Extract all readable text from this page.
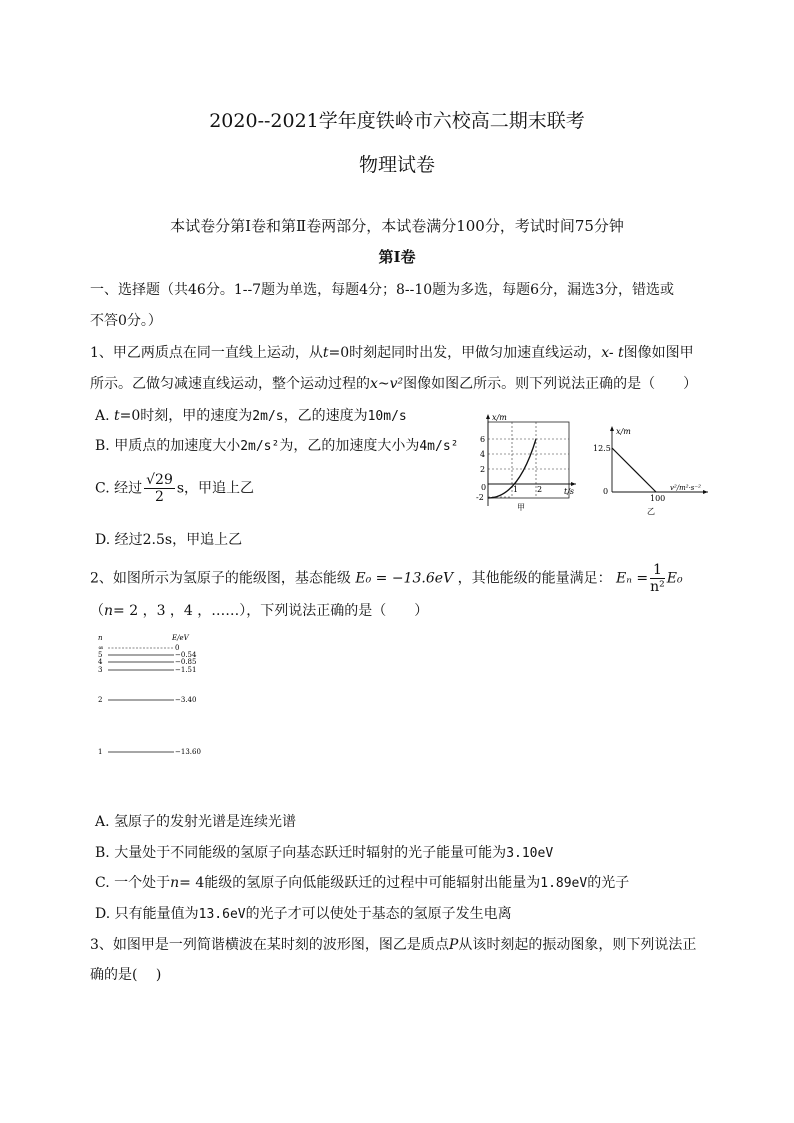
2020--2021学年度铁岭市六校高二期末联考
物理试卷
本试卷分第Ⅰ卷和第Ⅱ卷两部分，本试卷满分100分，考试时间75分钟
第Ⅰ卷
一、选择题（共46分。1--7题为单选，每题4分；8--10题为多选，每题6分，漏选3分，错选或
不答0分。）
1、甲乙两质点在同一直线上运动，从t=0时刻起同时出发，甲做匀加速直线运动，x- t图像如图甲
所示。乙做匀减速直线运动，整个运动过程的x~v²图像如图乙所示。则下列说法正确的是（　　）
A. t=0时刻，甲的速度为2m/s，乙的速度为10m/s
B. 甲质点的加速度大小2m/s²为，乙的加速度大小为4m/s²
C. 经过 $\frac{√29}{2}$ s，甲追上乙
D. 经过2.5s，甲追上乙
x/m
t/s
6
4
2
-2
0	1 2
甲
x/m
12.5
0
100
v²/m²·s⁻²
乙
2、如图所示为氢原子的能级图，基态能级 E₀ = −13.6eV ，其他能级的能量满足： $E_n = \frac{1}{\text{n²}} E_0$
（n= 2 ，3 ，4 ，……），下列说法正确的是（　　）
n	E/eV
∞	0
5	−0.54
4	−0.85
3	−1.51
2	−3.40
1	−13.60
A. 氢原子的发射光谱是连续光谱
B. 大量处于不同能级的氢原子向基态跃迁时辐射的光子能量可能为3.10eV
C. 一个处于n= 4能级的氢原子向低能级跃迁的过程中可能辐射出能量为1.89eV的光子
D. 只有能量值为13.6eV的光子才可以使处于基态的氢原子发生电离
3、如图甲是一列简谐横波在某时刻的波形图，图乙是质点P从该时刻起的振动图象，则下列说法正
确的是(　 )
